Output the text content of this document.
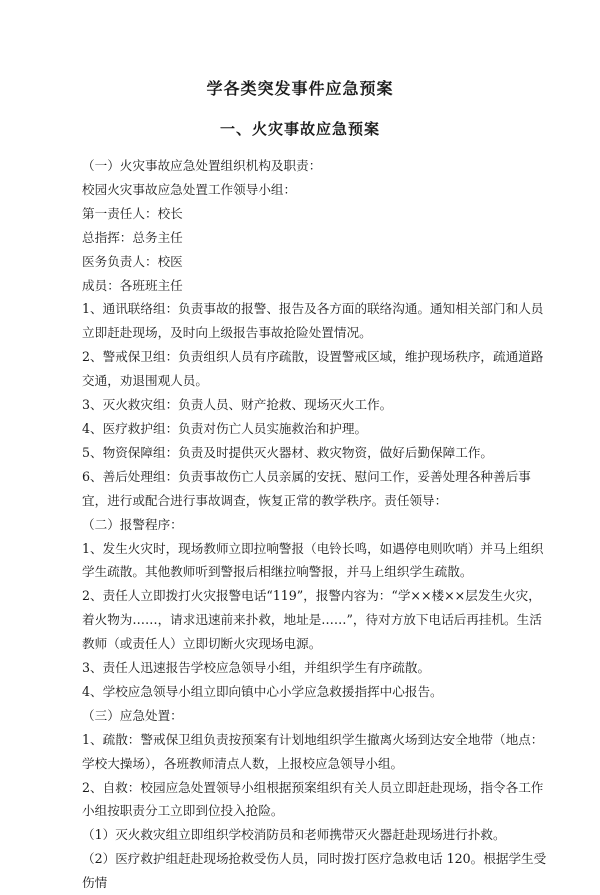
学各类突发事件应急预案
一、火灾事故应急预案

（一）火灾事故应急处置组织机构及职责：

校园火灾事故应急处置工作领导小组：

第一责任人：校长

总指挥：总务主任

医务负责人：校医

成员：各班班主任

1、通讯联络组：负责事故的报警、报告及各方面的联络沟通。通知相关部门和人员立即赶赴现场，及时向上级报告事故抢险处置情况。

2、警戒保卫组：负责组织人员有序疏散，设置警戒区域，维护现场秩序，疏通道路交通，劝退围观人员。

3、灭火救灾组：负责人员、财产抢救、现场灭火工作。

4、医疗救护组：负责对伤亡人员实施救治和护理。

5、物资保障组：负责及时提供灭火器材、救灾物资，做好后勤保障工作。

6、善后处理组：负责事故伤亡人员亲属的安抚、慰问工作，妥善处理各种善后事宜，进行或配合进行事故调查，恢复正常的教学秩序。责任领导：

（二）报警程序：

1、发生火灾时，现场教师立即拉响警报（电铃长鸣，如遇停电则吹哨）并马上组织学生疏散。其他教师听到警报后相继拉响警报，并马上组织学生疏散。

2、责任人立即拨打火灾报警电话“119”，报警内容为：“学××楼××层发生火灾，着火物为……，请求迅速前来扑救，地址是……”，待对方放下电话后再挂机。生活教师（或责任人）立即切断火灾现场电源。

3、责任人迅速报告学校应急领导小组，并组织学生有序疏散。

4、学校应急领导小组立即向镇中心小学应急救援指挥中心报告。

（三）应急处置：

1、疏散：警戒保卫组负责按预案有计划地组织学生撤离火场到达安全地带（地点：学校大操场），各班教师清点人数，上报校应急领导小组。

2、自救：校园应急处置领导小组根据预案组织有关人员立即赶赴现场，指令各工作小组按职责分工立即到位投入抢险。

（1）灭火救灾组立即组织学校消防员和老师携带灭火器赶赴现场进行扑救。

（2）医疗救护组赶赴现场抢救受伤人员，同时拨打医疗急救电话 120。根据学生受伤情
